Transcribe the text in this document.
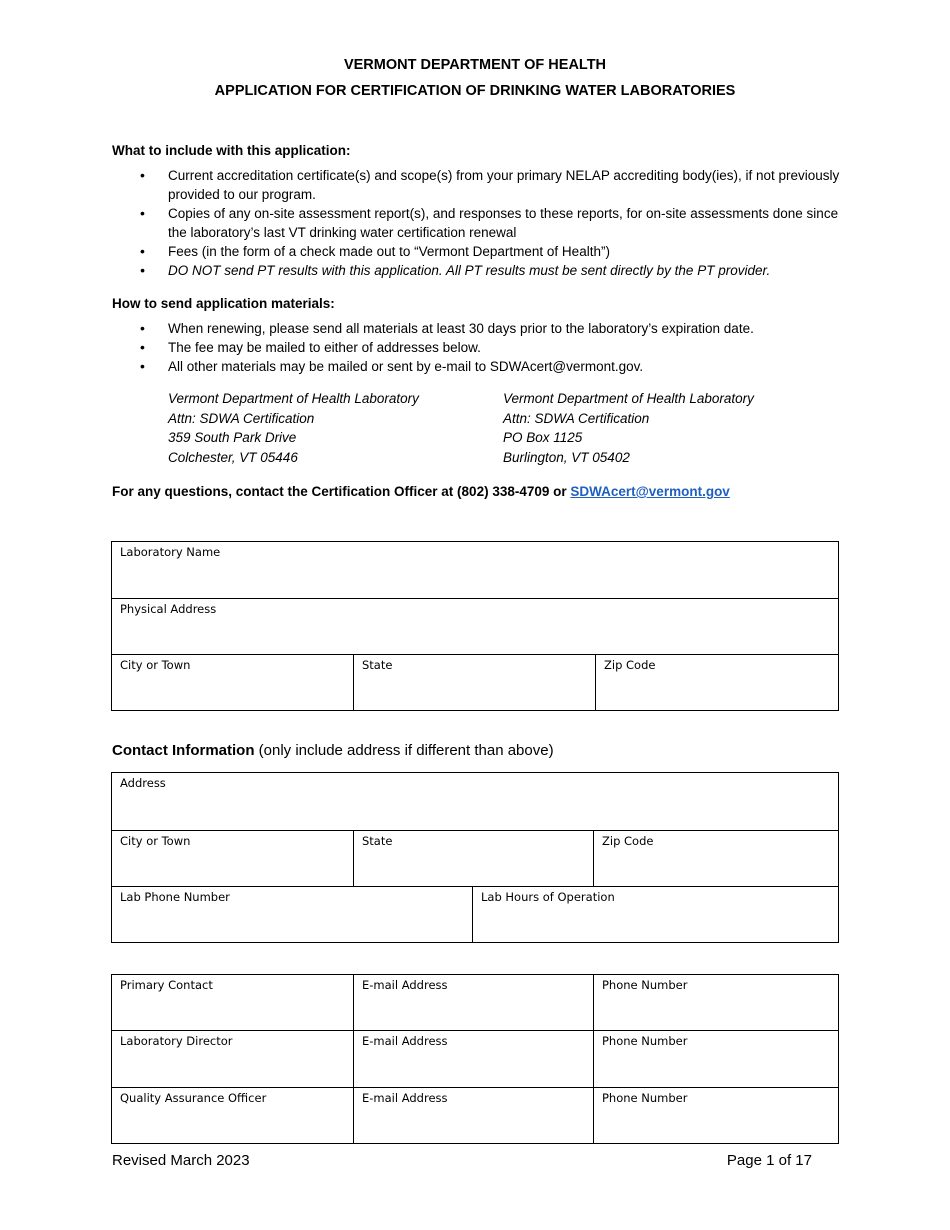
VERMONT DEPARTMENT OF HEALTH
APPLICATION FOR CERTIFICATION OF DRINKING WATER LABORATORIES
What to include with this application:
• Current accreditation certificate(s) and scope(s) from your primary NELAP accrediting body(ies), if not previously provided to our program.
• Copies of any on-site assessment report(s), and responses to these reports, for on-site assessments done since the laboratory’s last VT drinking water certification renewal
• Fees (in the form of a check made out to “Vermont Department of Health”)
• DO NOT send PT results with this application. All PT results must be sent directly by the PT provider.
How to send application materials:
• When renewing, please send all materials at least 30 days prior to the laboratory’s expiration date.
• The fee may be mailed to either of addresses below.
• All other materials may be mailed or sent by e-mail to SDWAcert@vermont.gov.
Vermont Department of Health Laboratory
Attn: SDWA Certification
359 South Park Drive
Colchester, VT 05446
Vermont Department of Health Laboratory
Attn: SDWA Certification
PO Box 1125
Burlington, VT 05402
For any questions, contact the Certification Officer at (802) 338-4709 or SDWAcert@vermont.gov
Laboratory Name
Physical Address
City or Town	State	Zip Code
Contact Information (only include address if different than above)
Address			
City or Town	State		Zip Code
Lab Phone Number		Lab Hours of Operation	
Primary Contact	E-mail Address	Phone Number
Laboratory Director	E-mail Address	Phone Number
Quality Assurance Officer	E-mail Address	Phone Number
Revised March 2023	Page 1 of 17
